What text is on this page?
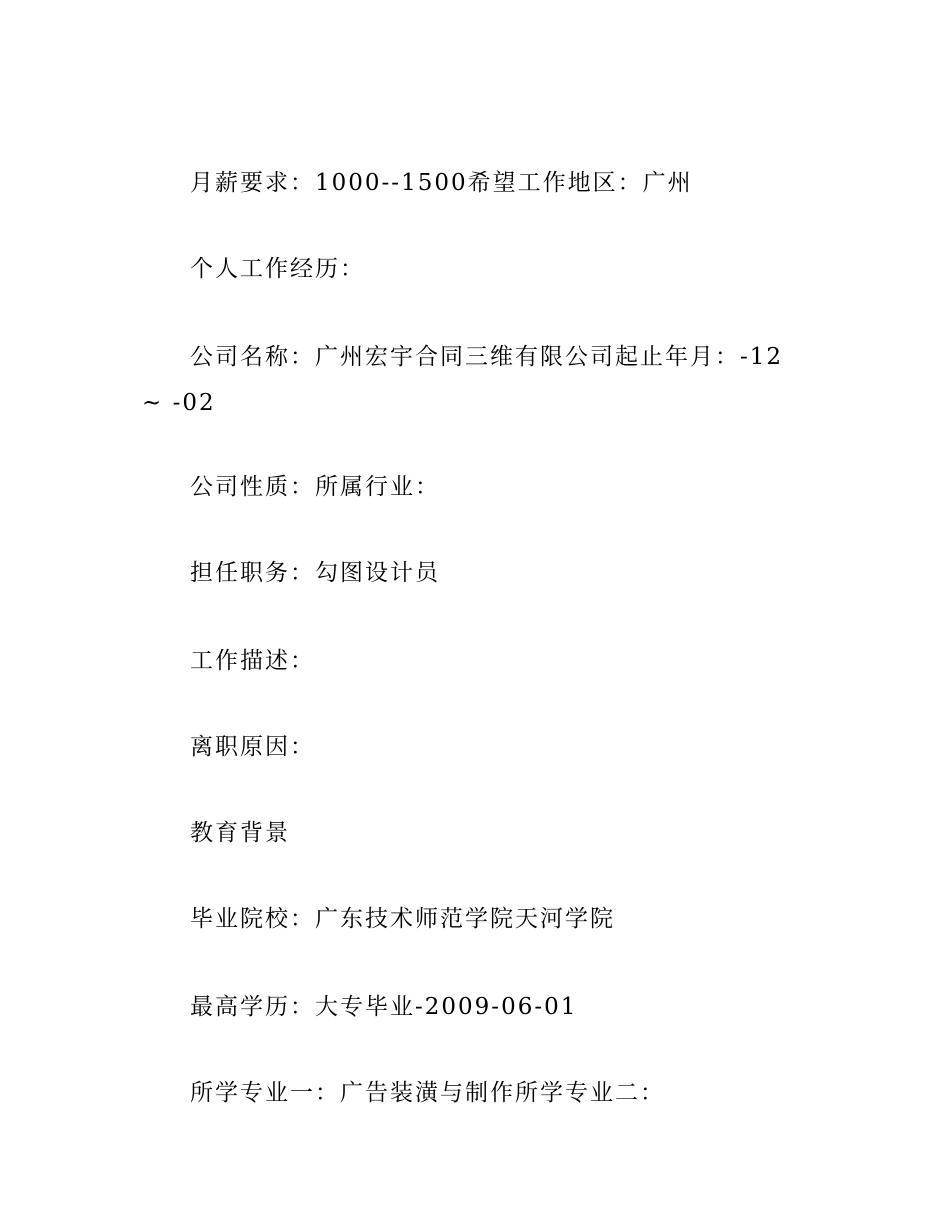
月薪要求：1000--1500希望工作地区：广州

个人工作经历：

公司名称：广州宏宇合同三维有限公司起止年月：-12 ~ -02

公司性质：所属行业：

担任职务：勾图设计员

工作描述：

离职原因：

教育背景

毕业院校：广东技术师范学院天河学院

最高学历：大专毕业-2009-06-01

所学专业一：广告装潢与制作所学专业二：
